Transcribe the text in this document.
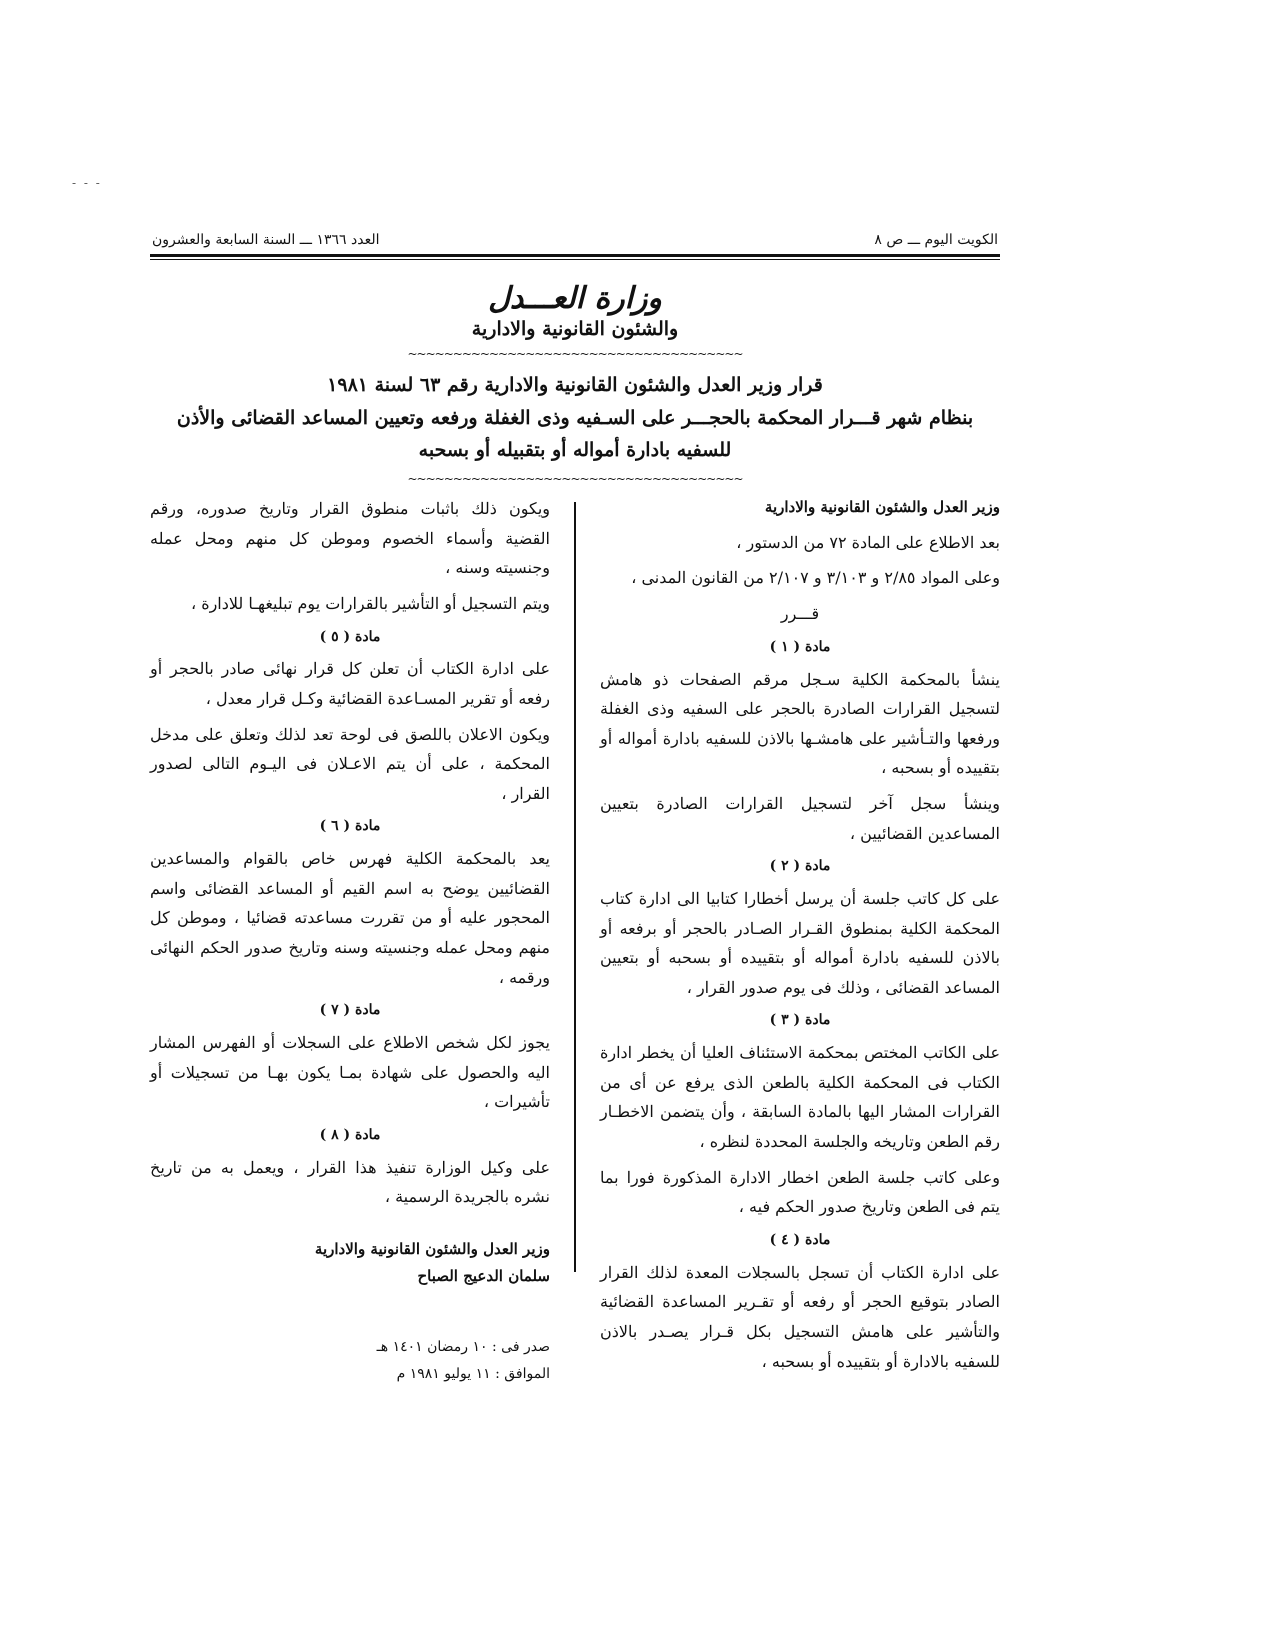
- - -
الكويت اليوم ـــ ص ٨
العدد ١٣٦٦ ـــ السنة السابعة والعشرون
وزارة العـــدل
والشئون القانونية والادارية
~~~~~~~~~~~~~~~~~~~~~~~~~~~~~~~~~~~~~
قرار وزير العدل والشئون القانونية والادارية رقم ٦٣ لسنة ١٩٨١
بنظام شهر قـــرار المحكمة بالحجـــر على السـفيه وذى الغفلة ورفعه وتعيين المساعد القضائى والأذن
للسفيه بادارة أمواله أو بتقبيله أو بسحبه
~~~~~~~~~~~~~~~~~~~~~~~~~~~~~~~~~~~~~

وزير العدل والشئون القانونية والادارية

بعد الاطلاع على المادة ٧٢ من الدستور ،

وعلى المواد ٢/٨٥ و ٣/١٠٣ و ٢/١٠٧ من القانون المدنى ،

قـــرر

مادة ( ١ )

ينشأ بالمحكمة الكلية سـجل مرقم الصفحات ذو هامش لتسجيل القرارات الصادرة بالحجر على السفيه وذى الغفلة ورفعها والتـأشير على هامشـها بالاذن للسفيه بادارة أمواله أو بتقييده أو بسحبه ،

وينشأ سجل آخر لتسجيل القرارات الصادرة بتعيين المساعدين القضائيين ،

مادة ( ٢ )

على كل كاتب جلسة أن يرسل أخطارا كتابيا الى ادارة كتاب المحكمة الكلية بمنطوق القـرار الصـادر بالحجر أو برفعه أو بالاذن للسفيه بادارة أمواله أو بتقييده أو بسحبه أو بتعيين المساعد القضائى ، وذلك فى يوم صدور القرار ،

مادة ( ٣ )

على الكاتب المختص بمحكمة الاستئناف العليا أن يخطر ادارة الكتاب فى المحكمة الكلية بالطعن الذى يرفع عن أى من القرارات المشار اليها بالمادة السابقة ، وأن يتضمن الاخطـار رقم الطعن وتاريخه والجلسة المحددة لنظره ،

وعلى كاتب جلسة الطعن اخطار الادارة المذكورة فورا بما يتم فى الطعن وتاريخ صدور الحكم فيه ،

مادة ( ٤ )

على ادارة الكتاب أن تسجل بالسجلات المعدة لذلك القرار الصادر بتوقيع الحجر أو رفعه أو تقـرير المساعدة القضائية والتأشير على هامش التسجيل بكل قـرار يصـدر بالاذن للسفيه بالادارة أو بتقييده أو بسحبه ،

ويكون ذلك باثبات منطوق القرار وتاريخ صدوره، ورقم القضية وأسماء الخصوم وموطن كل منهم ومحل عمله وجنسيته وسنه ،

ويتم التسجيل أو التأشير بالقرارات يوم تبليغهـا للادارة ،

مادة ( ٥ )

على ادارة الكتاب أن تعلن كل قرار نهائى صادر بالحجر أو رفعه أو تقرير المسـاعدة القضائية وكـل قرار معدل ،

ويكون الاعلان باللصق فى لوحة تعد لذلك وتعلق على مدخل المحكمة ، على أن يتم الاعـلان فى اليـوم التالى لصدور القرار ،

مادة ( ٦ )

يعد بالمحكمة الكلية فهرس خاص بالقوام والمساعدين القضائيين يوضح به اسم القيم أو المساعد القضائى واسم المحجور عليه أو من تقررت مساعدته قضائيا ، وموطن كل منهم ومحل عمله وجنسيته وسنه وتاريخ صدور الحكم النهائى ورقمه ،

مادة ( ٧ )

يجوز لكل شخص الاطلاع على السجلات أو الفهرس المشار اليه والحصول على شهادة بمـا يكون بهـا من تسجيلات أو تأشيرات ،

مادة ( ٨ )

على وكيل الوزارة تنفيذ هذا القرار ، ويعمل به من تاريخ نشره بالجريدة الرسمية ،

وزير العدل والشئون القانونية والادارية
سلمان الدعيج الصباح
صدر فى : ١٠ رمضان ١٤٠١ هـ
الموافق : ١١ يوليو ١٩٨١ م
